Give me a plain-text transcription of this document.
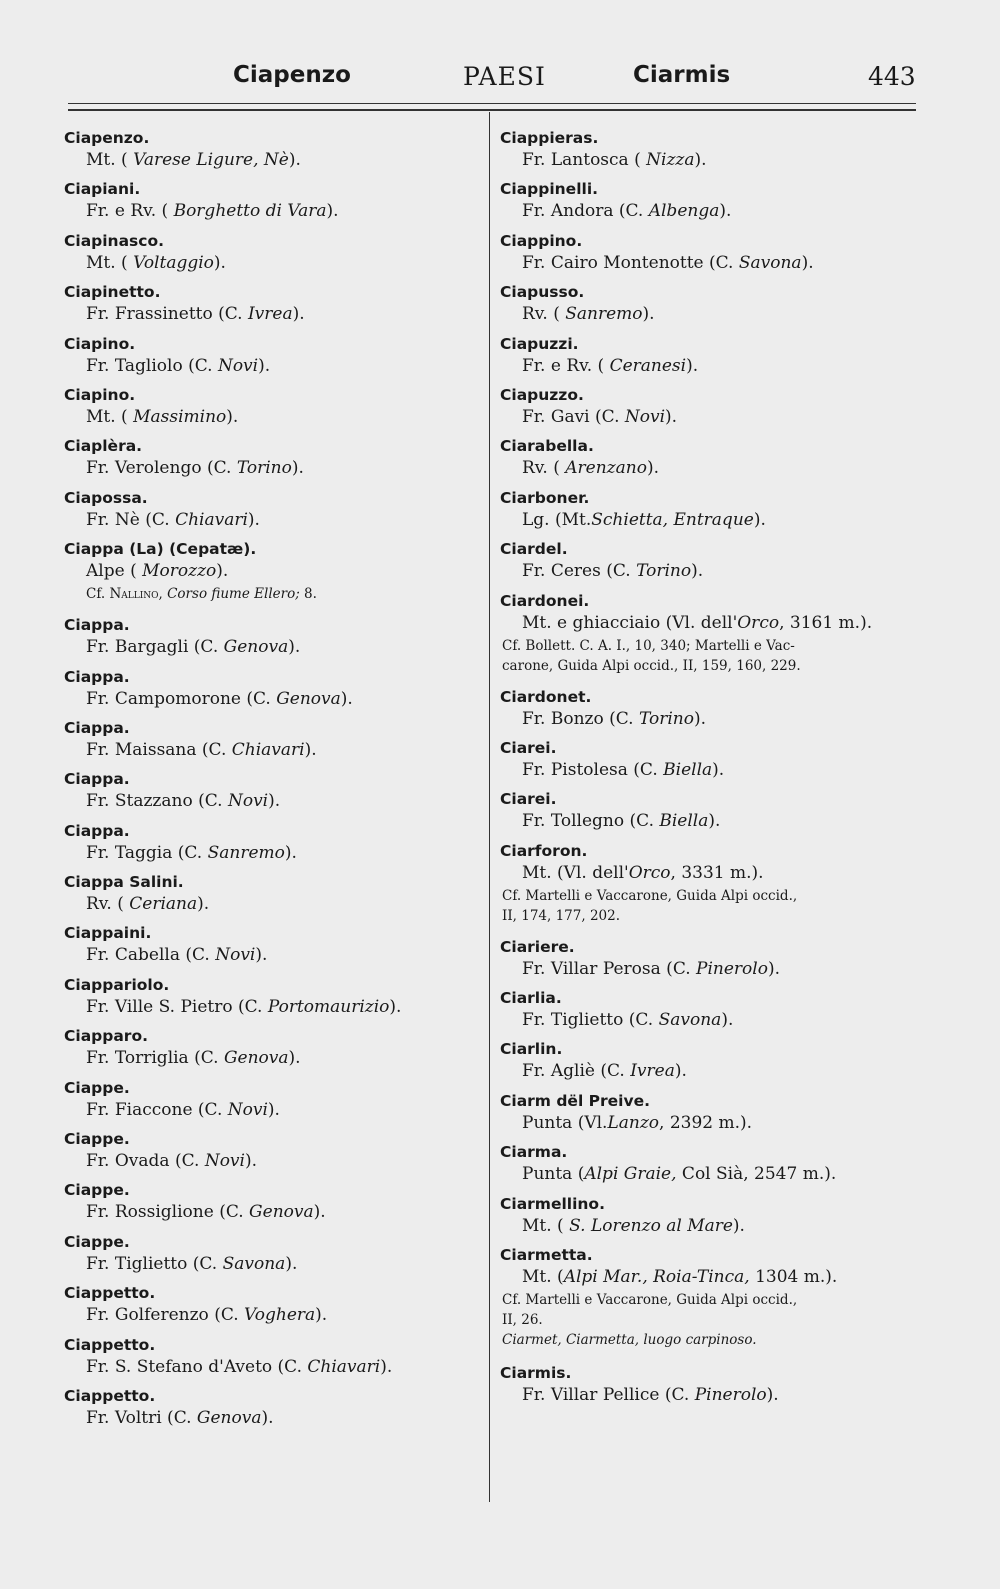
Ciapenzo	PAESI	Ciarmis	443
Ciapenzo.
Mt. ( Varese Ligure, Nè).
Ciapiani.
Fr. e Rv. ( Borghetto di Vara).
Ciapinasco.
Mt. ( Voltaggio).
Ciapinetto.
Fr. Frassinetto (C. Ivrea).
Ciapino.
Fr. Tagliolo (C. Novi).
Ciapino.
Mt. ( Massimino).
Ciaplèra.
Fr. Verolengo (C. Torino).
Ciapossa.
Fr. Nè (C. Chiavari).
Ciappa (La) (Cepatæ).
Alpe ( Morozzo).
Cf. Nallino, Corso fiume Ellero; 8.
Ciappa.
Fr. Bargagli (C. Genova).
Ciappa.
Fr. Campomorone (C. Genova).
Ciappa.
Fr. Maissana (C. Chiavari).
Ciappa.
Fr. Stazzano (C. Novi).
Ciappa.
Fr. Taggia (C. Sanremo).
Ciappa Salini.
Rv. ( Ceriana).
Ciappaini.
Fr. Cabella (C. Novi).
Ciappariolo.
Fr. Ville S. Pietro (C. Portomaurizio).
Ciapparo.
Fr. Torriglia (C. Genova).
Ciappe.
Fr. Fiaccone (C. Novi).
Ciappe.
Fr. Ovada (C. Novi).
Ciappe.
Fr. Rossiglione (C. Genova).
Ciappe.
Fr. Tiglietto (C. Savona).
Ciappetto.
Fr. Golferenzo (C. Voghera).
Ciappetto.
Fr. S. Stefano d'Aveto (C. Chiavari).
Ciappetto.
Fr. Voltri (C. Genova).
Ciappieras.
Fr. Lantosca ( Nizza).
Ciappinelli.
Fr. Andora (C. Albenga).
Ciappino.
Fr. Cairo Montenotte (C. Savona).
Ciapusso.
Rv. ( Sanremo).
Ciapuzzi.
Fr. e Rv. ( Ceranesi).
Ciapuzzo.
Fr. Gavi (C. Novi).
Ciarabella.
Rv. ( Arenzano).
Ciarboner.
Lg. (Mt.Schietta, Entraque).
Ciardel.
Fr. Ceres (C. Torino).
Ciardonei.
Mt. e ghiacciaio (Vl. dell'Orco, 3161 m.).
Cf. Bollett. C. A. I., 10, 340; Martelli e Vac-
carone, Guida Alpi occid., II, 159, 160, 229.
Ciardonet.
Fr. Bonzo (C. Torino).
Ciarei.
Fr. Pistolesa (C. Biella).
Ciarei.
Fr. Tollegno (C. Biella).
Ciarforon.
Mt. (Vl. dell'Orco, 3331 m.).
Cf. Martelli e Vaccarone, Guida Alpi occid.,
II, 174, 177, 202.
Ciariere.
Fr. Villar Perosa (C. Pinerolo).
Ciarlia.
Fr. Tiglietto (C. Savona).
Ciarlin.
Fr. Agliè (C. Ivrea).
Ciarm dël Preive.
Punta (Vl.Lanzo, 2392 m.).
Ciarma.
Punta (Alpi Graie, Col Sià, 2547 m.).
Ciarmellino.
Mt. ( S. Lorenzo al Mare).
Ciarmetta.
Mt. (Alpi Mar., Roia-Tinca, 1304 m.).
Cf. Martelli e Vaccarone, Guida Alpi occid.,
II, 26.
Ciarmet, Ciarmetta, luogo carpinoso.
Ciarmis.
Fr. Villar Pellice (C. Pinerolo).
